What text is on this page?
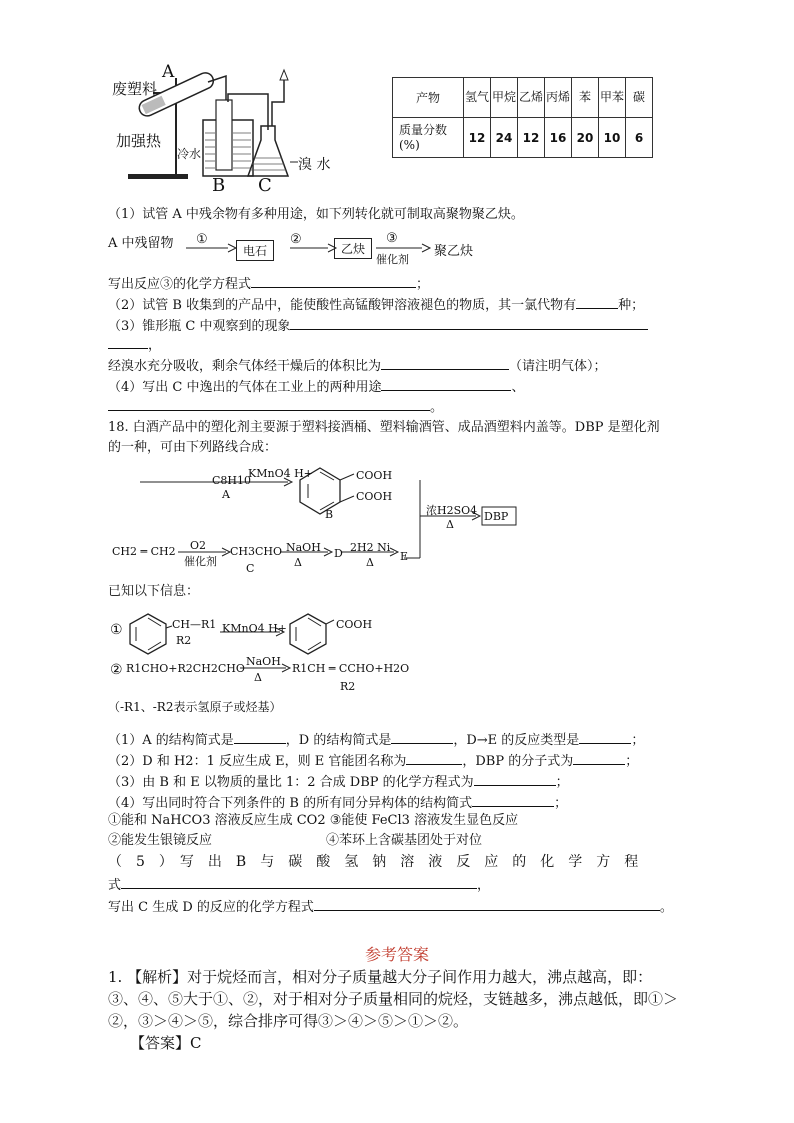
A
废塑料
加强热
冷水
B C
溴 水
产物	氢气	甲烷	乙烯	丙烯	苯	甲苯	碳
质量分数(%)	12	24	12	16	20	10	6
（1）试管 A 中残余物有多种用途，如下列转化就可制取高聚物聚乙炔。
A 中残留物 ①
电石
②
乙炔
③
催化剂
聚乙炔
写出反应③的化学方程式	；
（2）试管 B 收集到的产品中，能使酸性高锰酸钾溶液褪色的物质，其一氯代物有	种；
（3）锥形瓶 C 中观察到的现象
，
经溴水充分吸收，剩余气体经干燥后的体积比为	（请注明气体）；
（4）写出 C 中逸出的气体在工业上的两种用途	、
。
18. 白酒产品中的塑化剂主要源于塑料接酒桶、塑料输酒管、成品酒塑料内盖等。DBP 是塑化剂
的一种，可由下列路线合成：
C8H10
A
KMnO4 H+	COOH
COOH
B	浓H2SO4
Δ
DBP
CH2 ═ CH2 O2
催化剂
CH3CHO
C
NaOH
Δ
D 2H2 Ni
Δ E
已知以下信息：
①	CH—R1
R2
KMnO4 H+	COOH
② R1CHO+R2CH2CHO
NaOH
Δ
R1CH ═ CCHO+H2O
R2
（-R1、-R2表示氢原子或烃基）
（1）A 的结构简式是	，D 的结构简式是	，D→E 的反应类型是	；
（2）D 和 H2：1 反应生成 E，则 E 官能团名称为	，DBP 的分子式为	；
（3）由 B 和 E 以物质的量比 1：2 合成 DBP 的化学方程式为	；
（4）写出同时符合下列条件的 B 的所有同分异构体的结构简式	；
①能和 NaHCO3 溶液反应生成 CO2 ③能使 FeCl3 溶液发生显色反应
②能发生银镜反应	④苯环上含碳基团处于对位
（　5　）　写　出　B　与　碳　酸　氢　钠　溶　液　反　应　的　化　学　方　程
式	，
写出 C 生成 D 的反应的化学方程式	。
参考答案
1. 【解析】对于烷烃而言，相对分子质量越大分子间作用力越大，沸点越高，即：
③、④、⑤大于①、②，对于相对分子质量相同的烷烃，支链越多，沸点越低，即①＞
②，③＞④＞⑤，综合排序可得③＞④＞⑤＞①＞②。
【答案】C
